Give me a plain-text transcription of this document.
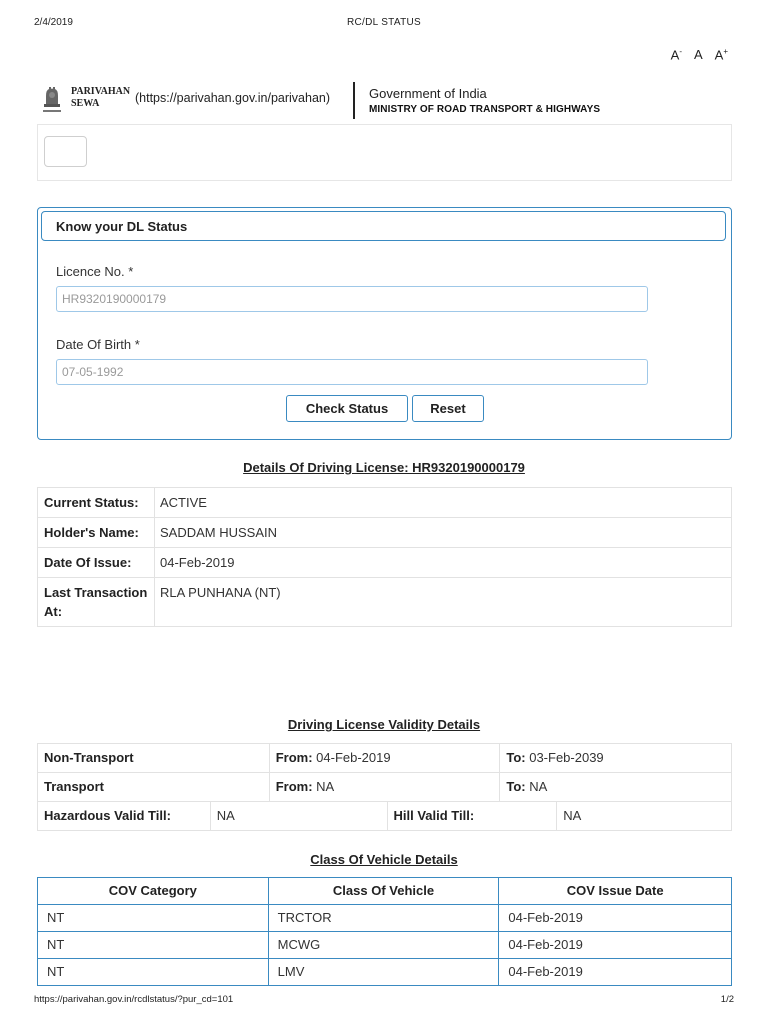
2/4/2019	RC/DL STATUS
A- A A+
PARIVAHAN
SEWA	(https://parivahan.gov.in/parivahan)	Government of India
MINISTRY OF ROAD TRANSPORT & HIGHWAYS
Know your DL Status
Licence No. *
HR9320190000179
Date Of Birth *
07-05-1992
Check Status	Reset
Details Of Driving License: HR9320190000179
Current Status:	ACTIVE
Holder's Name:	SADDAM HUSSAIN
Date Of Issue:	04-Feb-2019
Last Transaction At:	RLA PUNHANA (NT)
Driving License Validity Details
Non-Transport		From: 04-Feb-2019		To: 03-Feb-2039	
Transport		From: NA		To: NA	
Hazardous Valid Till:	NA		Hill Valid Till:		NA
Class Of Vehicle Details
COV Category	Class Of Vehicle	COV Issue Date
NT	TRCTOR	04-Feb-2019
NT	MCWG	04-Feb-2019
NT	LMV	04-Feb-2019
https://parivahan.gov.in/rcdlstatus/?pur_cd=101	1/2
